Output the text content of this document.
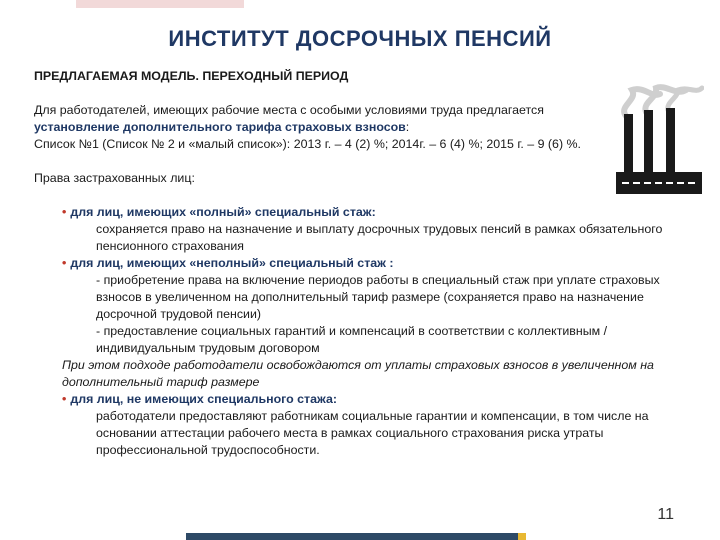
ИНСТИТУТ ДОСРОЧНЫХ ПЕНСИЙ

ПРЕДЛАГАЕМАЯ МОДЕЛЬ. ПЕРЕХОДНЫЙ ПЕРИОД

Для работодателей, имеющих рабочие места с особыми условиями труда предлагается
установление дополнительного тарифа страховых взносов:

Список №1 (Список № 2 и «малый список»): 2013 г. – 4 (2) %; 2014г. – 6 (4) %; 2015 г. – 9 (6) %.

Права застрахованных лиц:

• для лиц, имеющих «полный» специальный стаж:

сохраняется право на назначение и выплату досрочных трудовых пенсий в рамках обязательного пенсионного страхования

• для лиц, имеющих «неполный» специальный стаж :

- приобретение права на включение периодов работы в специальный стаж при уплате страховых взносов в увеличенном на дополнительный тариф размере (сохраняется право на назначение досрочной трудовой пенсии)

- предоставление социальных гарантий и компенсаций в соответствии с коллективным / индивидуальным трудовым договором

При этом подходе работодатели освобождаются от уплаты страховых взносов в увеличенном на дополнительный тариф размере

• для лиц, не имеющих специального стажа:

работодатели предоставляют работникам социальные гарантии и компенсации, в том числе на основании аттестации рабочего места в рамках социального страхования риска утраты профессиональной трудоспособности.

11
